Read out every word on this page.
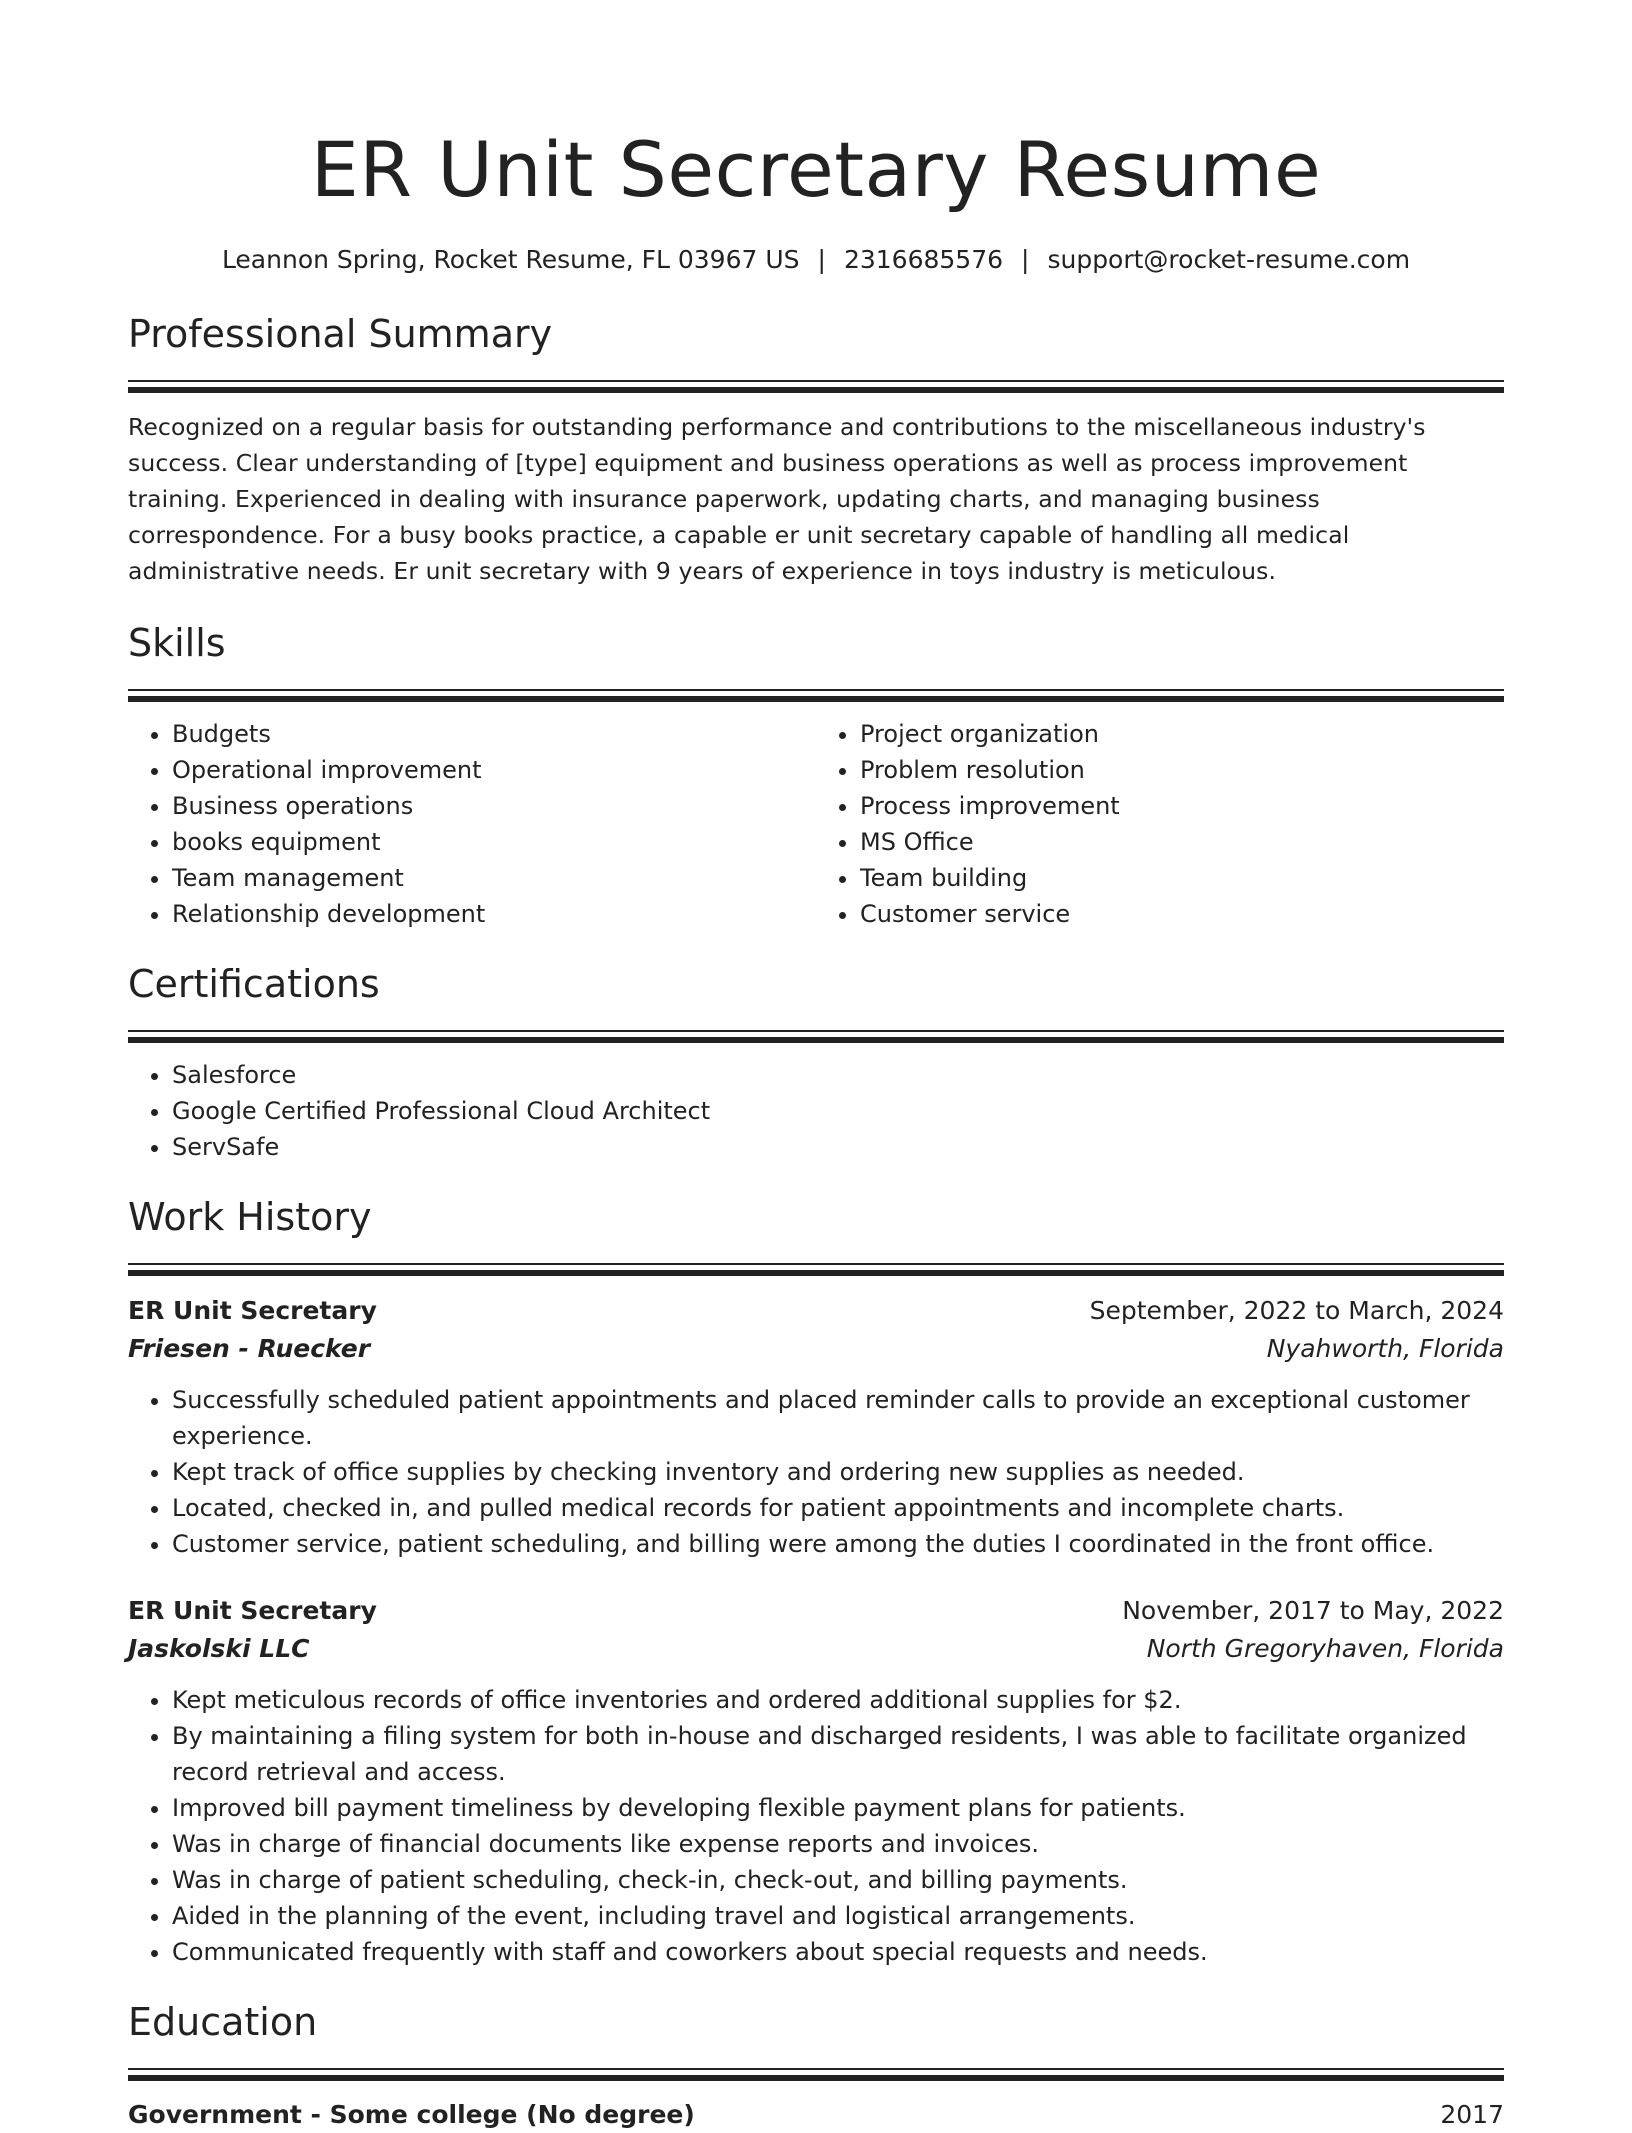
ER Unit Secretary Resume
Leannon Spring, Rocket Resume, FL 03967 US | 2316685576 | support@rocket-resume.com
Professional Summary
Recognized on a regular basis for outstanding performance and contributions to the miscellaneous industry's success. Clear understanding of [type] equipment and business operations as well as process improvement training. Experienced in dealing with insurance paperwork, updating charts, and managing business correspondence. For a busy books practice, a capable er unit secretary capable of handling all medical administrative needs. Er unit secretary with 9 years of experience in toys industry is meticulous.
Skills
• Budgets
• Operational improvement
• Business operations
• books equipment
• Team management
• Relationship development
• Project organization
• Problem resolution
• Process improvement
• MS Office
• Team building
• Customer service
Certifications
• Salesforce
• Google Certified Professional Cloud Architect
• ServSafe
Work History
ER Unit Secretary	September, 2022 to March, 2024
Friesen - Ruecker	Nyahworth, Florida
• Successfully scheduled patient appointments and placed reminder calls to provide an exceptional customer experience.
• Kept track of office supplies by checking inventory and ordering new supplies as needed.
• Located, checked in, and pulled medical records for patient appointments and incomplete charts.
• Customer service, patient scheduling, and billing were among the duties I coordinated in the front office.
ER Unit Secretary	November, 2017 to May, 2022
Jaskolski LLC	North Gregoryhaven, Florida
• Kept meticulous records of office inventories and ordered additional supplies for $2.
• By maintaining a filing system for both in-house and discharged residents, I was able to facilitate organized record retrieval and access.
• Improved bill payment timeliness by developing flexible payment plans for patients.
• Was in charge of financial documents like expense reports and invoices.
• Was in charge of patient scheduling, check-in, check-out, and billing payments.
• Aided in the planning of the event, including travel and logistical arrangements.
• Communicated frequently with staff and coworkers about special requests and needs.
Education
Government - Some college (No degree)	2017
